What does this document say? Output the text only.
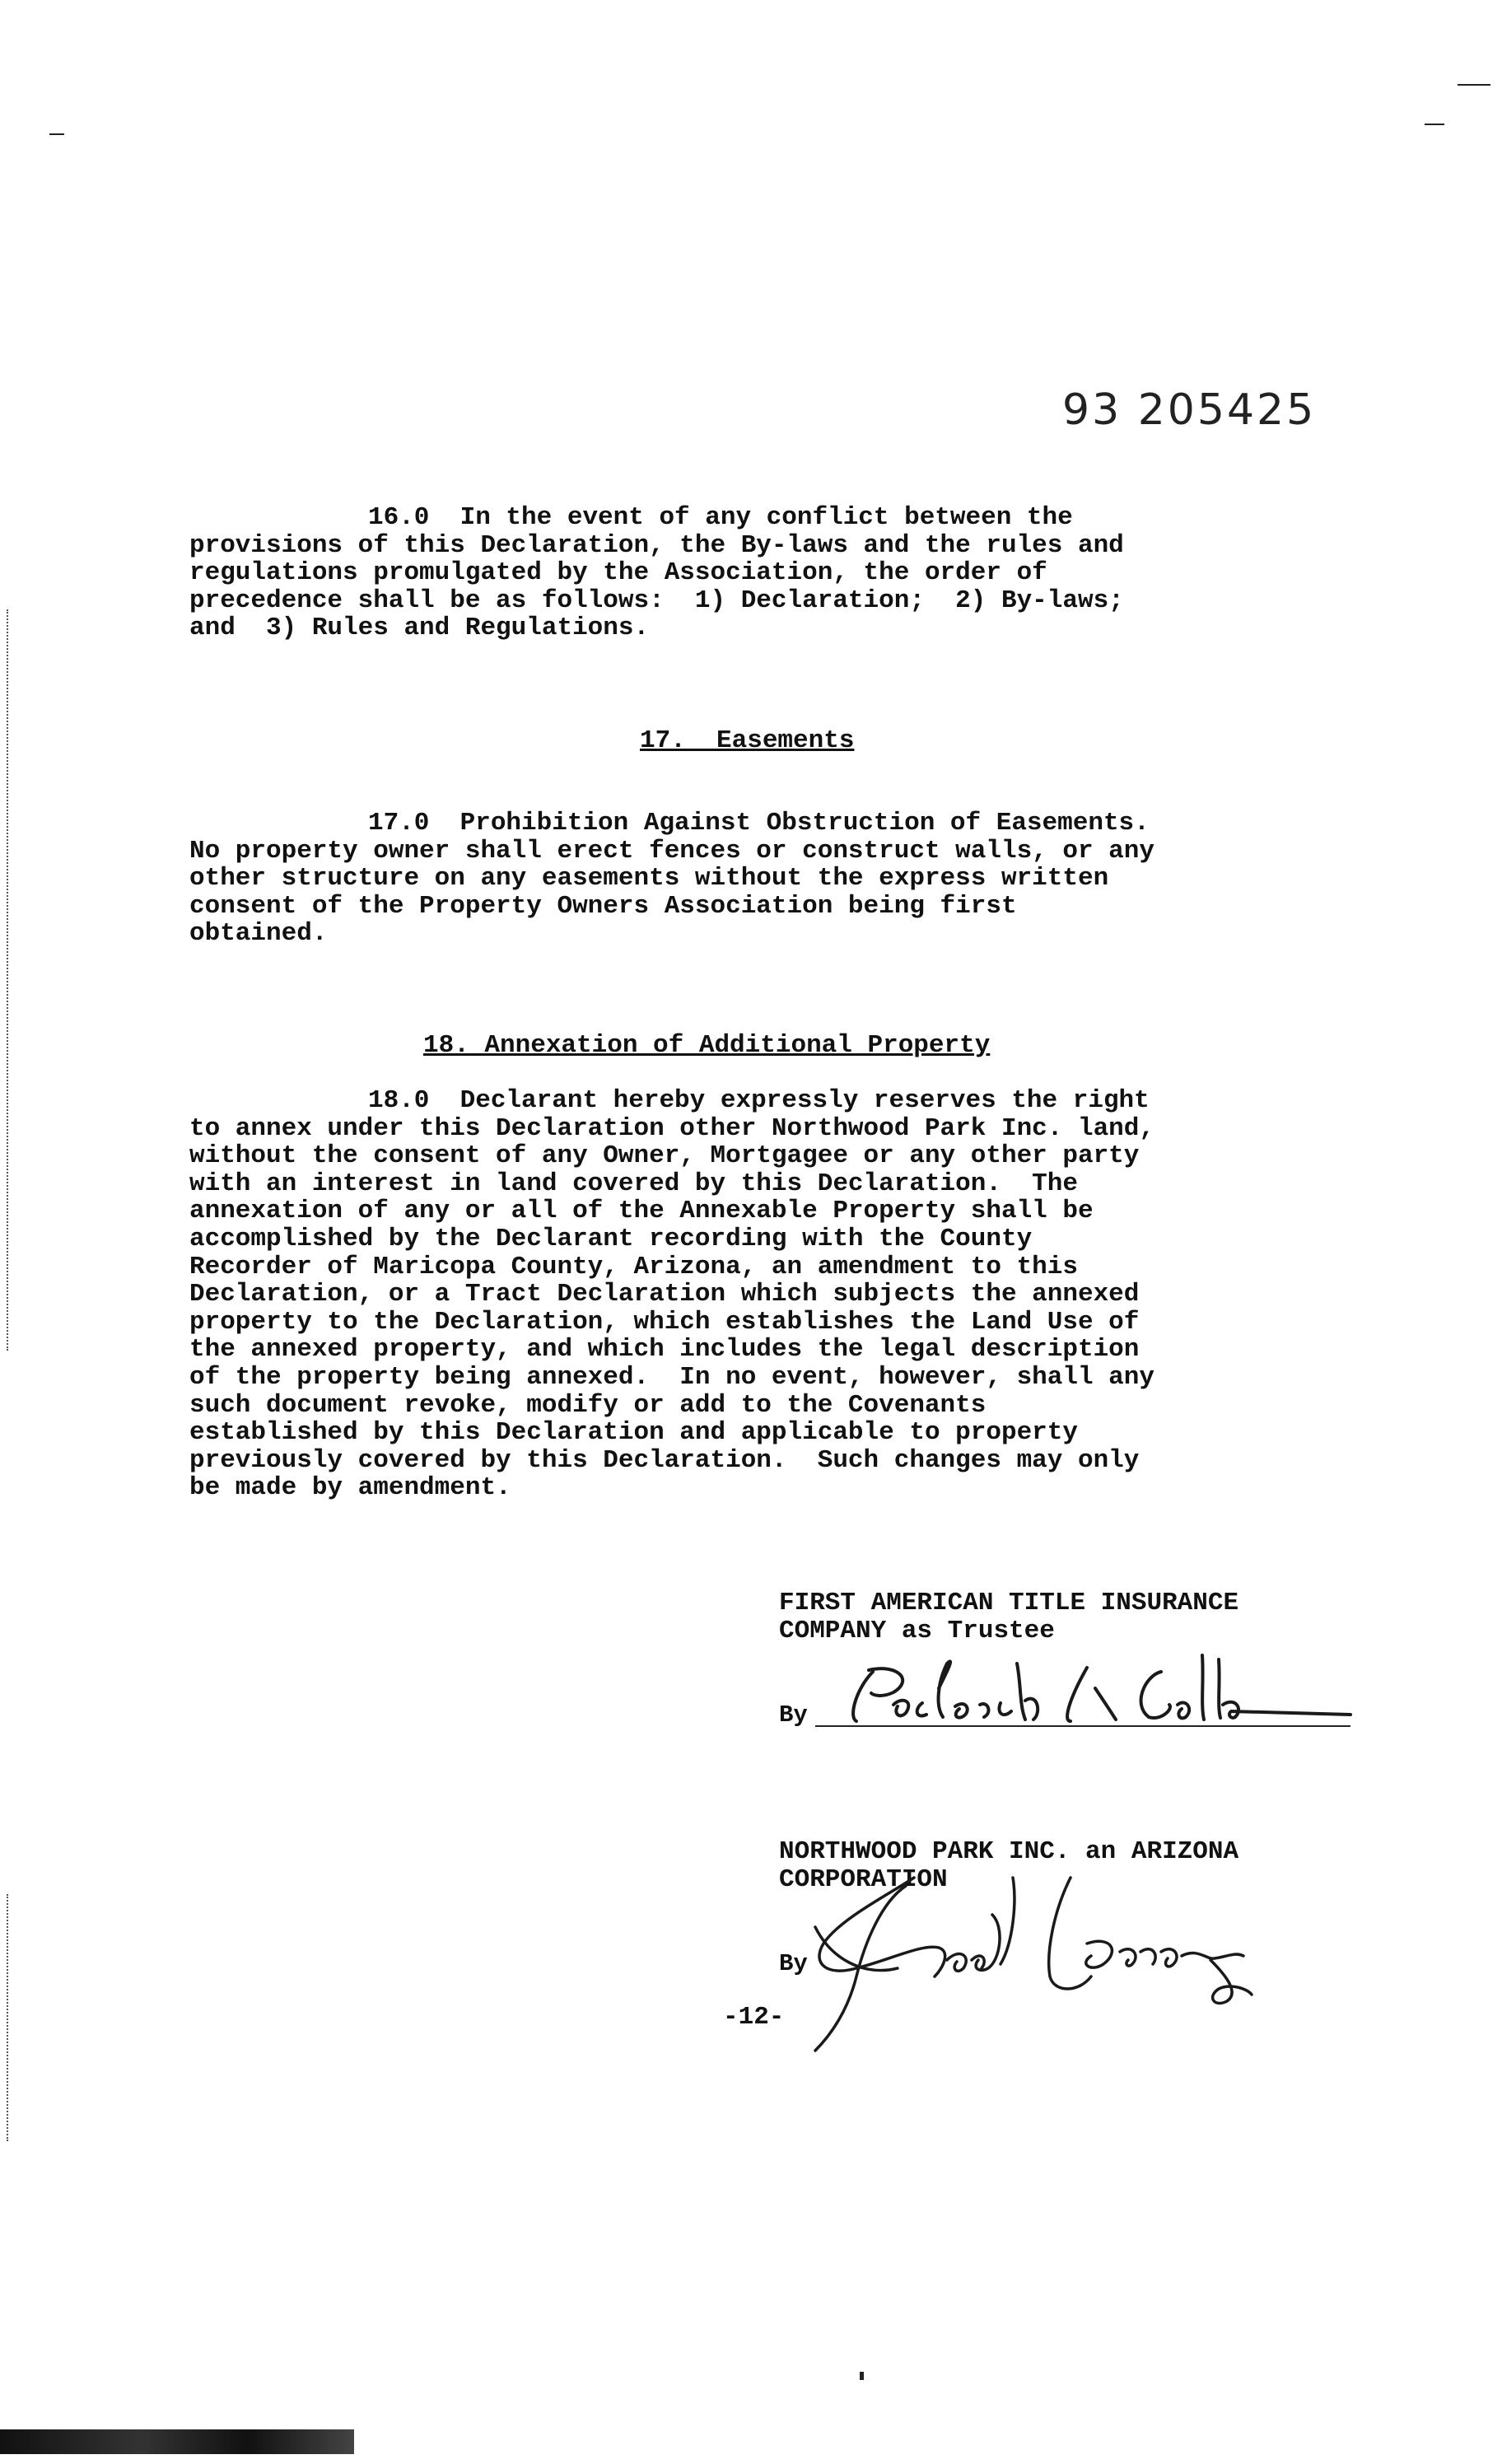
93 205425

16.0  In the event of any conflict between the
provisions of this Declaration, the By-laws and the rules and
regulations promulgated by the Association, the order of
precedence shall be as follows:  1) Declaration;  2) By-laws;
and  3) Rules and Regulations.

17.  Easements

17.0  Prohibition Against Obstruction of Easements.
No property owner shall erect fences or construct walls, or any
other structure on any easements without the express written
consent of the Property Owners Association being first
obtained.

18. Annexation of Additional Property

18.0  Declarant hereby expressly reserves the right
to annex under this Declaration other Northwood Park Inc. land,
without the consent of any Owner, Mortgagee or any other party
with an interest in land covered by this Declaration.  The
annexation of any or all of the Annexable Property shall be
accomplished by the Declarant recording with the County
Recorder of Maricopa County, Arizona, an amendment to this
Declaration, or a Tract Declaration which subjects the annexed
property to the Declaration, which establishes the Land Use of
the annexed property, and which includes the legal description
of the property being annexed.  In no event, however, shall any
such document revoke, modify or add to the Covenants
established by this Declaration and applicable to property
previously covered by this Declaration.  Such changes may only
be made by amendment.

FIRST AMERICAN TITLE INSURANCE
COMPANY as Trustee
By
NORTHWOOD PARK INC. an ARIZONA
CORPORATION
By
-12-
